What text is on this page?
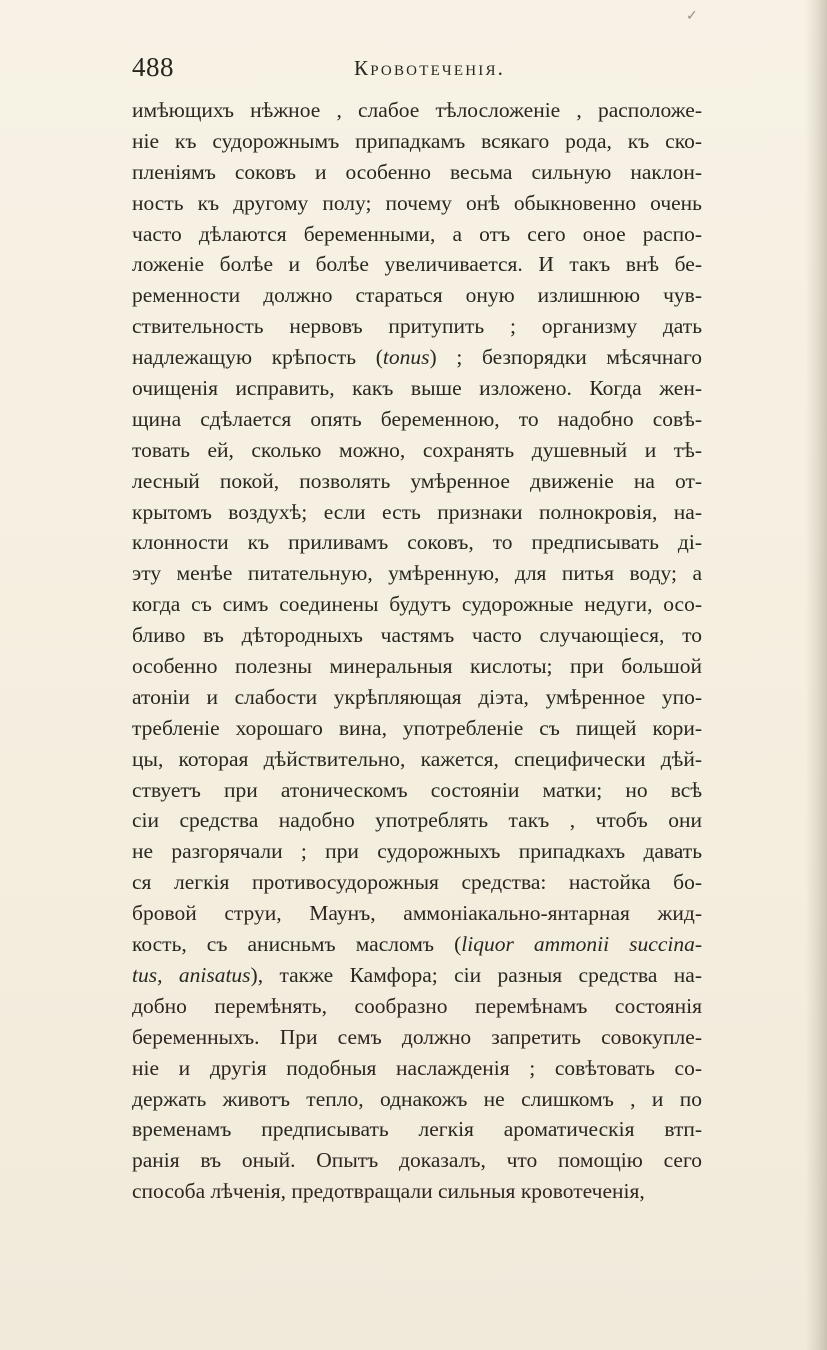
✓
488	Кровотеченія.
имѣющихъ нѣжное , слабое тѣлосложеніе , расположе-
ніе къ судорожнымъ припадкамъ всякаго рода, къ ско-
пленіямъ соковъ и особенно весьма сильную наклон-
ность къ другому полу; почему онѣ обыкновенно очень
часто дѣлаются беременными, а отъ сего оное распо-
ложеніе болѣе и болѣе увеличивается. И такъ внѣ бе-
ременности должно стараться оную излишнюю чув-
ствительность нервовъ притупить ; организму дать
надлежащую крѣпость (tonus) ; безпорядки мѣсячнаго
очищенія исправить, какъ выше изложено. Когда жен-
щина сдѣлается опять беременною, то надобно совѣ-
товать ей, сколько можно, сохранять душевный и тѣ-
лесный покой, позволять умѣренное движеніе на от-
крытомъ воздухѣ; если есть признаки полнокровія, на-
клонности къ приливамъ соковъ, то предписывать ді-
эту менѣе питательную, умѣренную, для питья воду; а
когда съ симъ соединены будутъ судорожные недуги, осо-
бливо въ дѣтородныхъ частямъ часто случающіеся, то
особенно полезны минеральныя кислоты; при большой
атоніи и слабости укрѣпляющая діэта, умѣренное упо-
требленіе хорошаго вина, употребленіе съ пищей кори-
цы, которая дѣйствительно, кажется, специфически дѣй-
ствуетъ при атоническомъ состояніи матки; но всѣ
сіи средства надобно употреблять такъ , чтобъ они
не разгорячали ; при судорожныхъ припадкахъ давать
ся легкія противосудорожныя средства: настойка бо-
бровой струи, Маунъ, аммоніакально-янтарная жид-
кость, съ анисньмъ масломъ (liquor ammonii succina-
tus, anisatus), также Камфора; сіи разныя средства на-
добно перемѣнять, сообразно перемѣнамъ состоянія
беременныхъ. При семъ должно запретить совокупле-
ніе и другія подобныя наслажденія ; совѣтовать со-
держать животъ тепло, однакожъ не слишкомъ , и по
временамъ предписывать легкія ароматическія втп-
ранія въ оный. Опытъ доказалъ, что помощію сего
способа лѣченія, предотвращали сильныя кровотеченія,
